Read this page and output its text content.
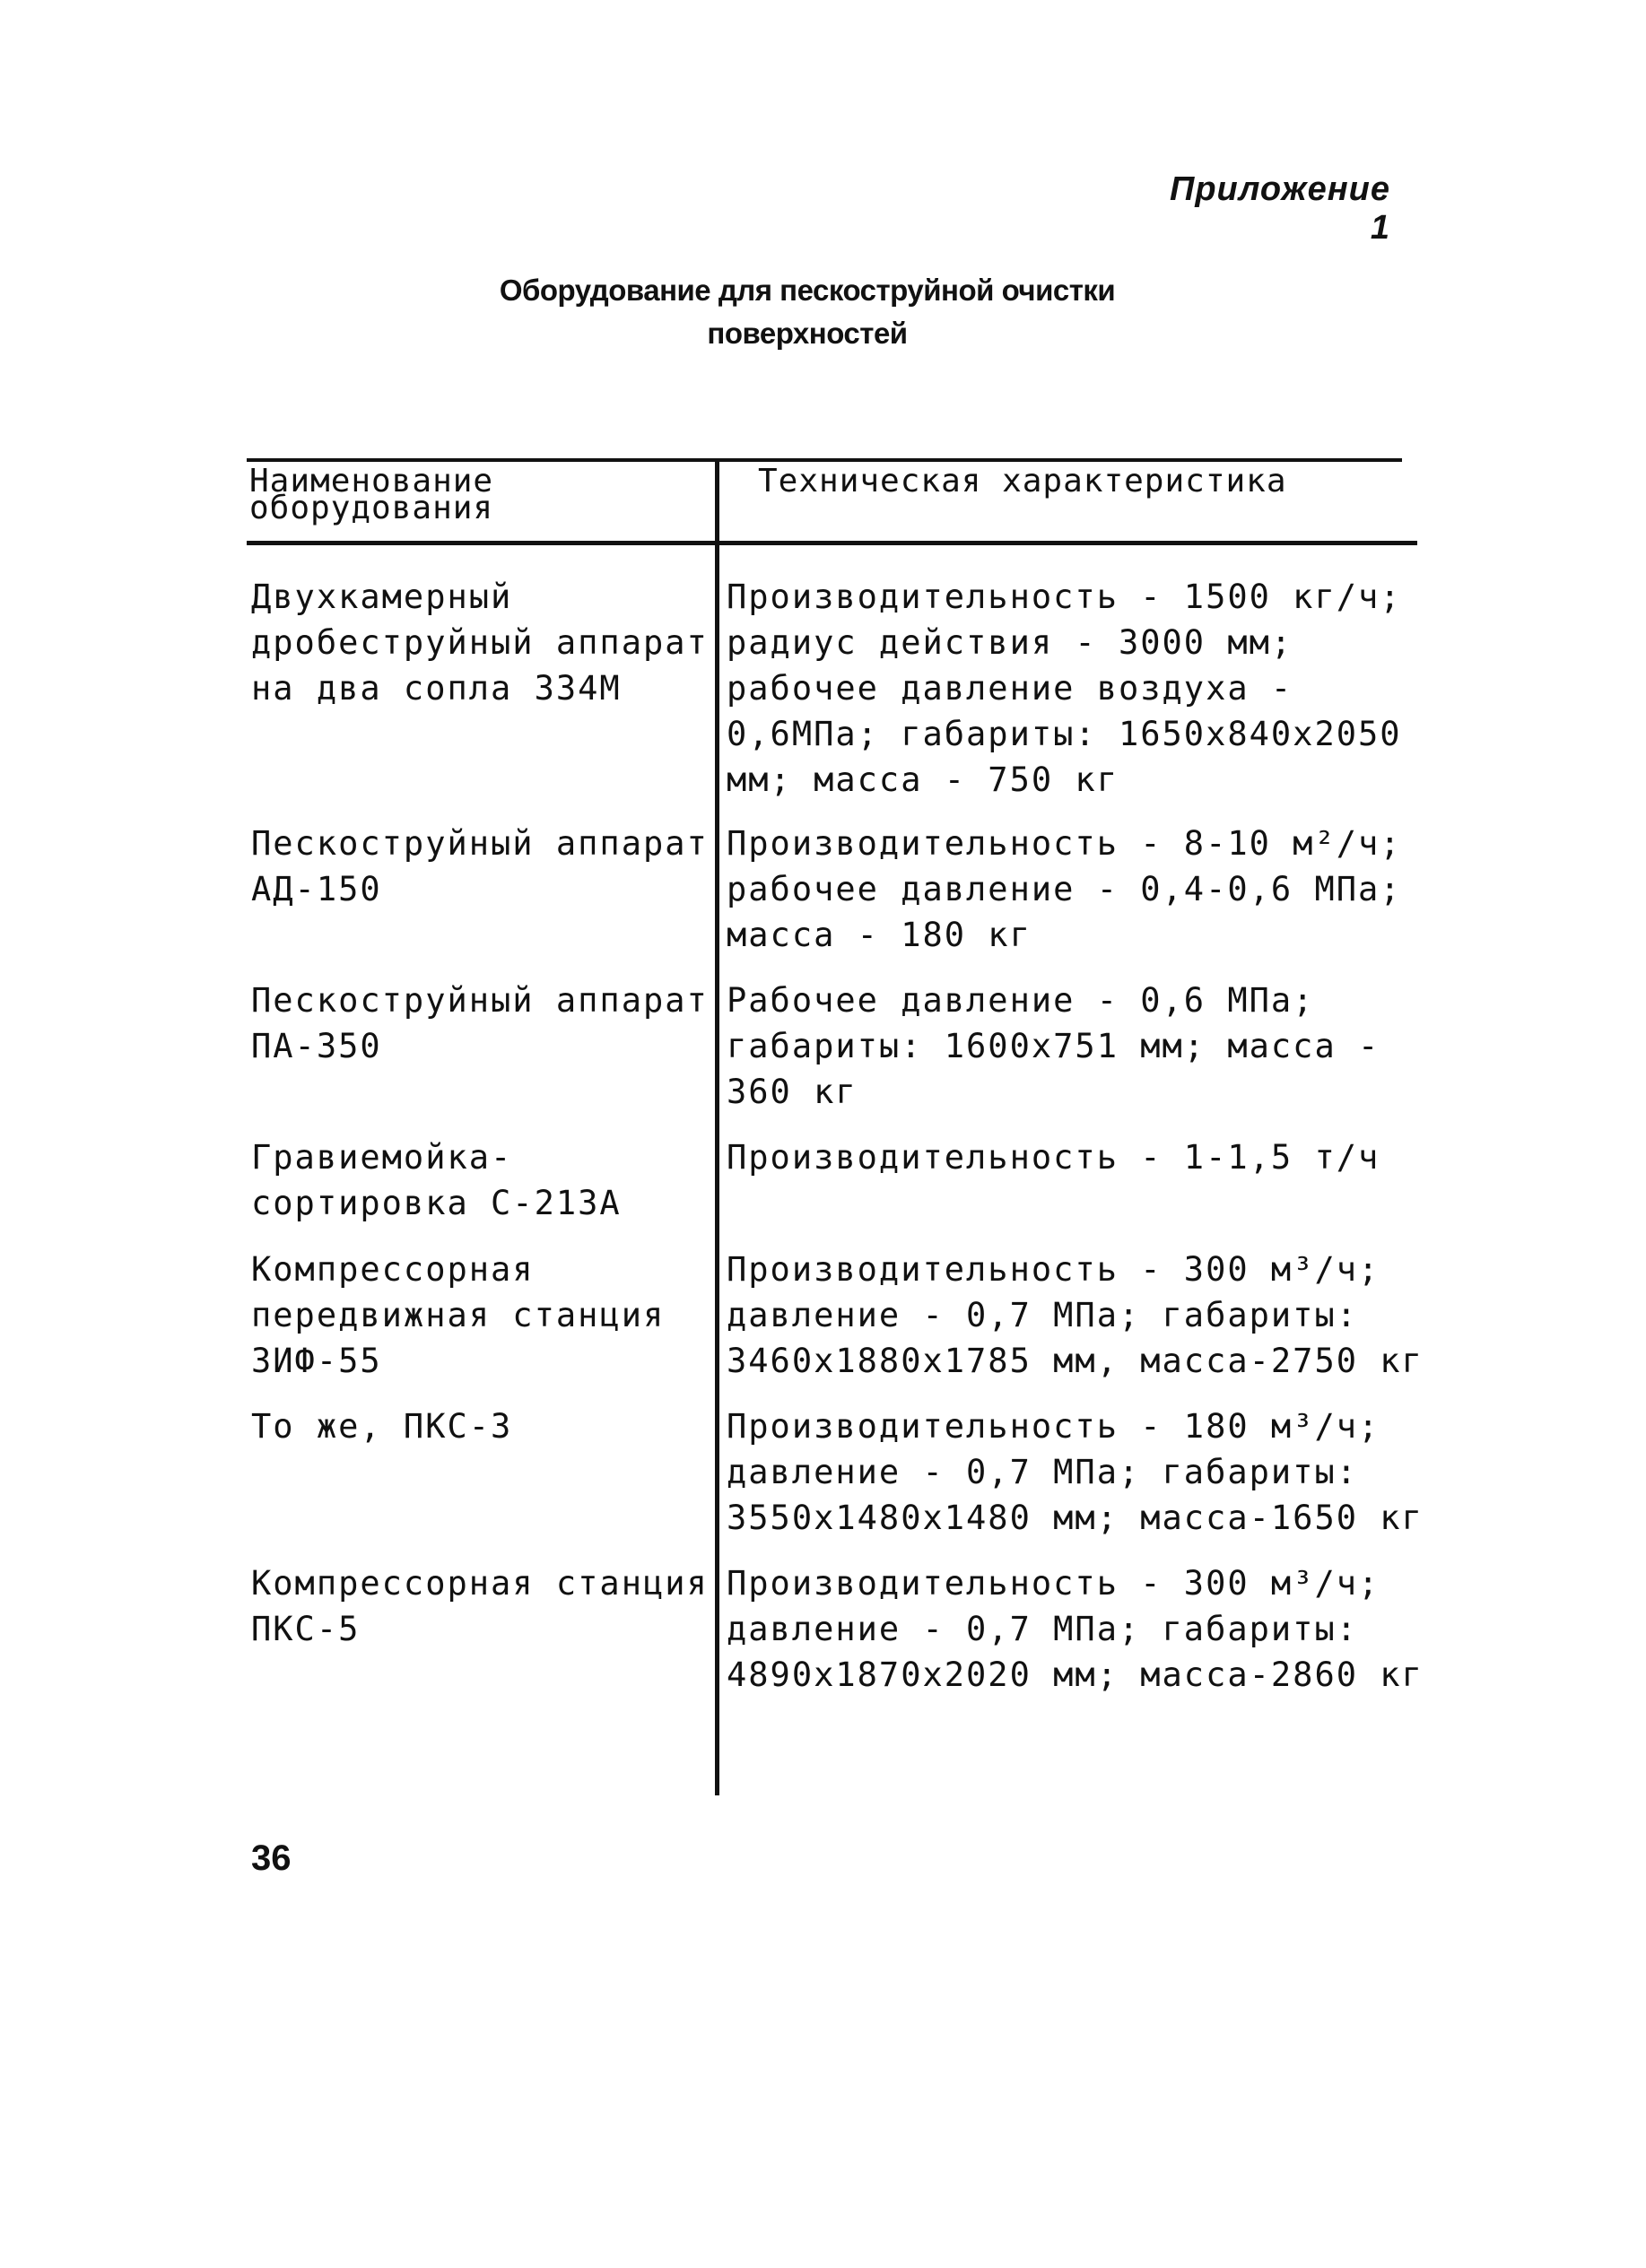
Приложение 1
Оборудование для пескоструйной очистки
поверхностей
Наименование оборудования
Техническая характеристика
Двухкамерный дробеструйный аппарат на два сопла 334М
Производительность - 1500 кг/ч; радиус действия - 3000 мм; рабочее давление воздуха - 0,6МПа; габариты: 1650x840x2050 мм; масса - 750 кг
Пескоструйный аппарат АД-150
Производительность - 8-10 м²/ч; рабочее давление - 0,4-0,6 МПа; масса - 180 кг
Пескоструйный аппарат ПА-350
Рабочее давление - 0,6 МПа; габариты: 1600x751 мм; масса - 360 кг
Гравиемойка-сортировка С-213А
Производительность - 1-1,5 т/ч
Компрессорная передвижная станция ЗИФ-55
Производительность - 300 м³/ч; давление - 0,7 МПа; габариты: 3460x1880x1785 мм, масса-2750 кг
То же, ПКС-3	Производительность - 180 м³/ч; давление - 0,7 МПа; габариты: 3550x1480x1480 мм; масса-1650 кг
Компрессорная станция ПКС-5
Производительность - 300 м³/ч; давление - 0,7 МПа; габариты: 4890x1870x2020 мм; масса-2860 кг
36
